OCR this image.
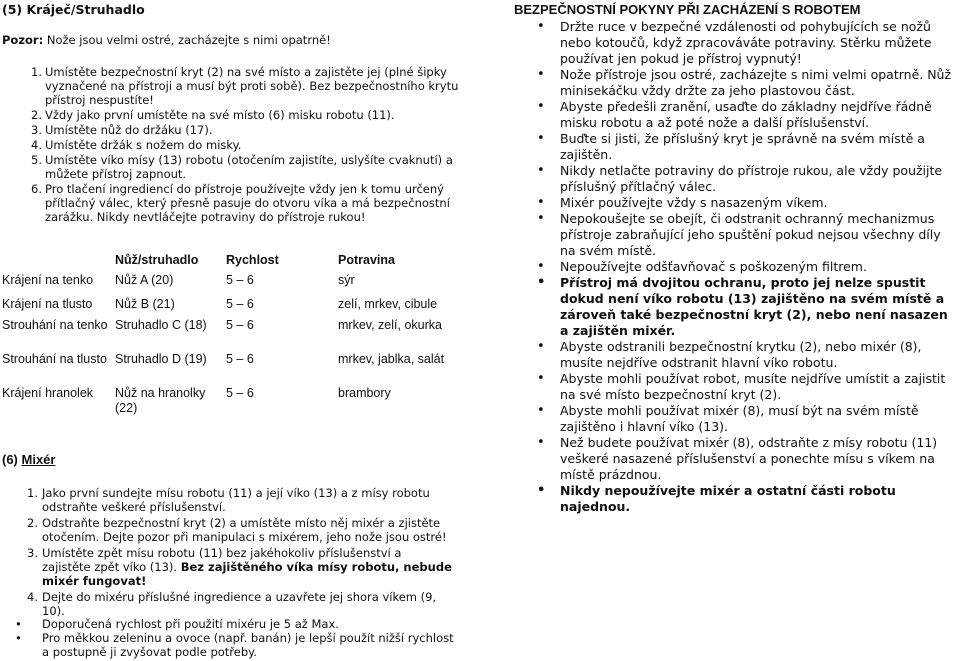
(5) Kráječ/Struhadlo
Pozor: Nože jsou velmi ostré, zacházejte s nimi opatrně!
1. Umístěte bezpečnostní kryt (2) na své místo a zajistěte jej (plné šipky vyznačené na přístroji a musí být proti sobě). Bez bezpečnostního krytu přístroj nespustíte!
2. Vždy jako první umístěte na své místo (6) misku robotu (11).
3. Umístěte nůž do držáku (17).
4. Umístěte držák s nožem do misky.
5. Umístěte víko mísy (13) robotu (otočením zajistíte, uslyšíte cvaknutí) a můžete přístroj zapnout.
6. Pro tlačení ingrediencí do přístroje používejte vždy jen k tomu určený přítlačný válec, který přesně pasuje do otvoru víka a má bezpečnostní zarážku. Nikdy nevtláčejte potraviny do přístroje rukou!
	Nůž/struhadlo	Rychlost	Potravina
Krájení na tenko	Nůž A (20)	5 – 6	sýr
Krájení na tlusto	Nůž B (21)	5 – 6	zelí, mrkev, cibule
Strouhání na tenko	Struhadlo C (18)	5 – 6	mrkev, zelí, okurka
Strouhání na tlusto	Struhadlo D (19)	5 – 6	mrkev, jablka, salát
Krájení hranolek	Nůž na hranolky (22)	5 – 6	brambory
(6) Mixér
1. Jako první sundejte mísu robotu (11) a její víko (13) a z mísy robotu odstraňte veškeré příslušenství.
2. Odstraňte bezpečnostní kryt (2) a umístěte místo něj mixér a zjistěte otočením. Dejte pozor při manipulaci s mixérem, jeho nože jsou ostré!
3. Umístěte zpět mísu robotu (11) bez jakéhokoliv příslušenství a zajistěte zpět víko (13). Bez zajištěného víka mísy robotu, nebude mixér fungovat!
4. Dejte do mixéru příslušné ingredience a uzavřete jej shora víkem (9, 10).
• Doporučená rychlost při použití mixéru je 5 až Max.
• Pro měkkou zeleninu a ovoce (např. banán) je lepší použít nižší rychlost a postupně ji zvyšovat podle potřeby.
BEZPEČNOSTNÍ POKYNY PŘI ZACHÁZENÍ S ROBOTEM
• Držte ruce v bezpečné vzdálenosti od pohybujících se nožů nebo kotoučů, když zpracováváte potraviny. Stěrku můžete používat jen pokud je přístroj vypnutý!
• Nože přístroje jsou ostré, zacházejte s nimi velmi opatrně. Nůž minisekáčku vždy držte za jeho plastovou část.
• Abyste předešli zranění, usaďte do základny nejdříve řádně misku robotu a až poté nože a další příslušenství.
• Buďte si jisti, že příslušný kryt je správně na svém místě a zajištěn.
• Nikdy netlačte potraviny do přístroje rukou, ale vždy použijte příslušný přítlačný válec.
• Mixér používejte vždy s nasazeným víkem.
• Nepokoušejte se obejít, či odstranit ochranný mechanizmus přístroje zabraňující jeho spuštění pokud nejsou všechny díly na svém místě.
• Nepoužívejte odšťavňovač s poškozeným filtrem.
• Přístroj má dvojitou ochranu, proto jej nelze spustit dokud není víko robotu (13) zajištěno na svém místě a zároveň také bezpečnostní kryt (2), nebo není nasazen a zajištěn mixér.
• Abyste odstranili bezpečnostní krytku (2), nebo mixér (8), musíte nejdříve odstranit hlavní víko robotu.
• Abyste mohli používat robot, musíte nejdříve umístit a zajistit na své místo bezpečnostní kryt (2).
• Abyste mohli používat mixér (8), musí být na svém místě zajištěno i hlavní víko (13).
• Než budete používat mixér (8), odstraňte z mísy robotu (11) veškeré nasazené příslušenství a ponechte mísu s víkem na místě prázdnou.
• Nikdy nepoužívejte mixér a ostatní části robotu najednou.
